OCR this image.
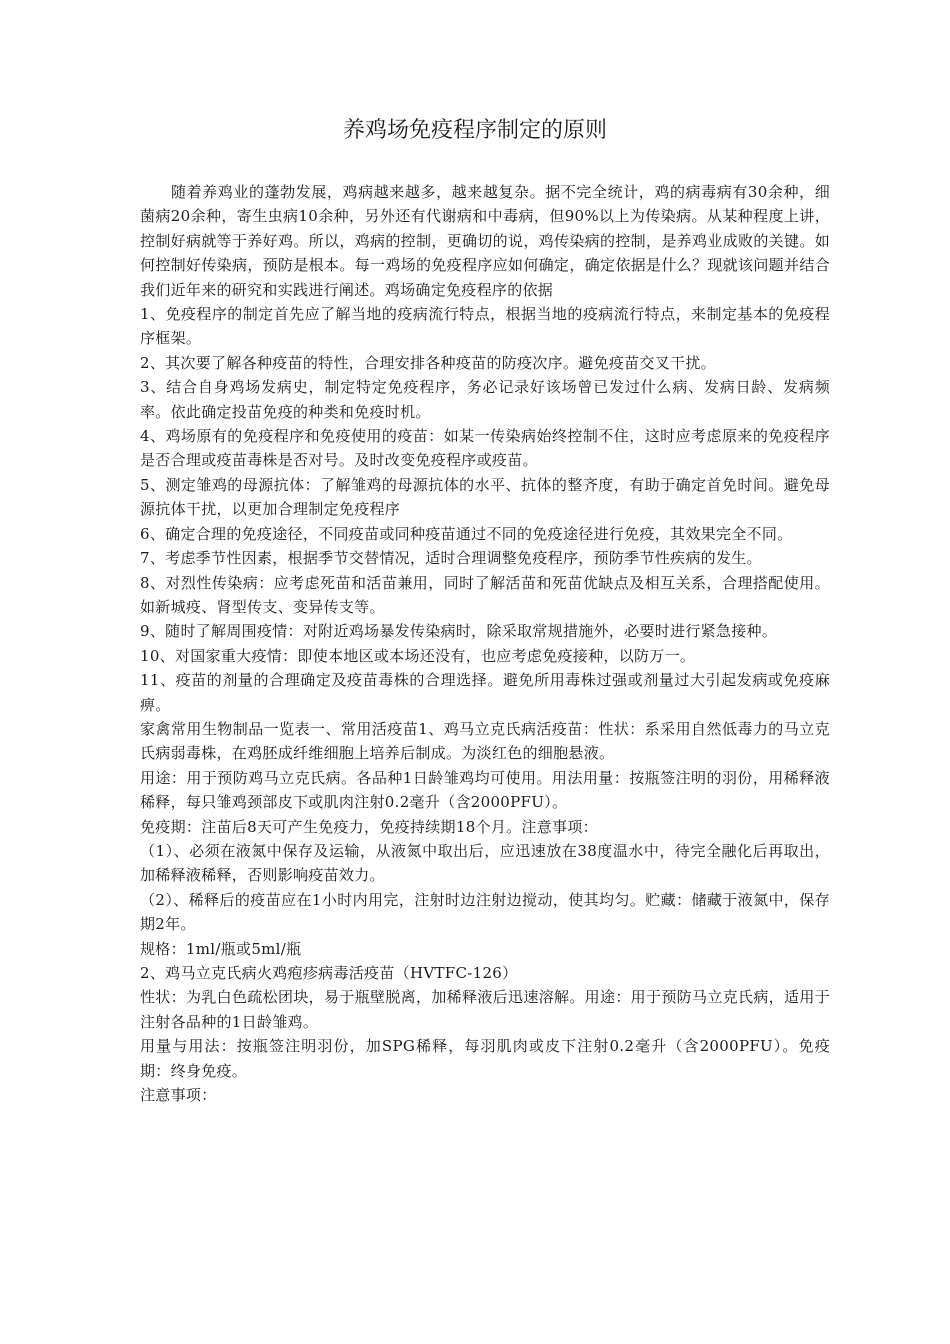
养鸡场免疫程序制定的原则

随着养鸡业的蓬勃发展，鸡病越来越多，越来越复杂。据不完全统计，鸡的病毒病有30余种，细菌病20余种，寄生虫病10余种，另外还有代谢病和中毒病，但90%以上为传染病。从某种程度上讲，控制好病就等于养好鸡。所以，鸡病的控制，更确切的说，鸡传染病的控制，是养鸡业成败的关键。如何控制好传染病，预防是根本。每一鸡场的免疫程序应如何确定，确定依据是什么？现就该问题并结合我们近年来的研究和实践进行阐述。鸡场确定免疫程序的依据

1、免疫程序的制定首先应了解当地的疫病流行特点，根据当地的疫病流行特点，来制定基本的免疫程序框架。

2、其次要了解各种疫苗的特性，合理安排各种疫苗的防疫次序。避免疫苗交叉干扰。

3、结合自身鸡场发病史，制定特定免疫程序，务必记录好该场曾已发过什么病、发病日龄、发病频率。依此确定投苗免疫的种类和免疫时机。

4、鸡场原有的免疫程序和免疫使用的疫苗：如某一传染病始终控制不住，这时应考虑原来的免疫程序是否合理或疫苗毒株是否对号。及时改变免疫程序或疫苗。

5、测定雏鸡的母源抗体：了解雏鸡的母源抗体的水平、抗体的整齐度，有助于确定首免时间。避免母源抗体干扰，以更加合理制定免疫程序

6、确定合理的免疫途径，不同疫苗或同种疫苗通过不同的免疫途径进行免疫，其效果完全不同。

7、考虑季节性因素，根据季节交替情况，适时合理调整免疫程序，预防季节性疾病的发生。

8、对烈性传染病：应考虑死苗和活苗兼用，同时了解活苗和死苗优缺点及相互关系，合理搭配使用。如新城疫、肾型传支、变异传支等。

9、随时了解周围疫情：对附近鸡场暴发传染病时，除采取常规措施外，必要时进行紧急接种。

10、对国家重大疫情：即使本地区或本场还没有，也应考虑免疫接种，以防万一。

11、疫苗的剂量的合理确定及疫苗毒株的合理选择。避免所用毒株过强或剂量过大引起发病或免疫麻痹。

家禽常用生物制品一览表一、常用活疫苗1、鸡马立克氏病活疫苗：性状：系采用自然低毒力的马立克氏病弱毒株，在鸡胚成纤维细胞上培养后制成。为淡红色的细胞悬液。

用途：用于预防鸡马立克氏病。各品种1日龄雏鸡均可使用。用法用量：按瓶签注明的羽份，用稀释液稀释，每只雏鸡颈部皮下或肌肉注射0.2毫升（含2000PFU）。

免疫期：注苗后8天可产生免疫力，免疫持续期18个月。注意事项：

（1）、必须在液氮中保存及运输，从液氮中取出后，应迅速放在38度温水中，待完全融化后再取出，加稀释液稀释，否则影响疫苗效力。

（2）、稀释后的疫苗应在1小时内用完，注射时边注射边搅动，使其均匀。贮藏：储藏于液氮中，保存期2年。

规格：1ml/瓶或5ml/瓶

2、鸡马立克氏病火鸡疱疹病毒活疫苗（HVTFC-126）

性状：为乳白色疏松团块，易于瓶壁脱离，加稀释液后迅速溶解。用途：用于预防马立克氏病，适用于注射各品种的1日龄雏鸡。

用量与用法：按瓶签注明羽份，加SPG稀释，每羽肌肉或皮下注射0.2毫升（含2000PFU）。免疫期：终身免疫。

注意事项：
